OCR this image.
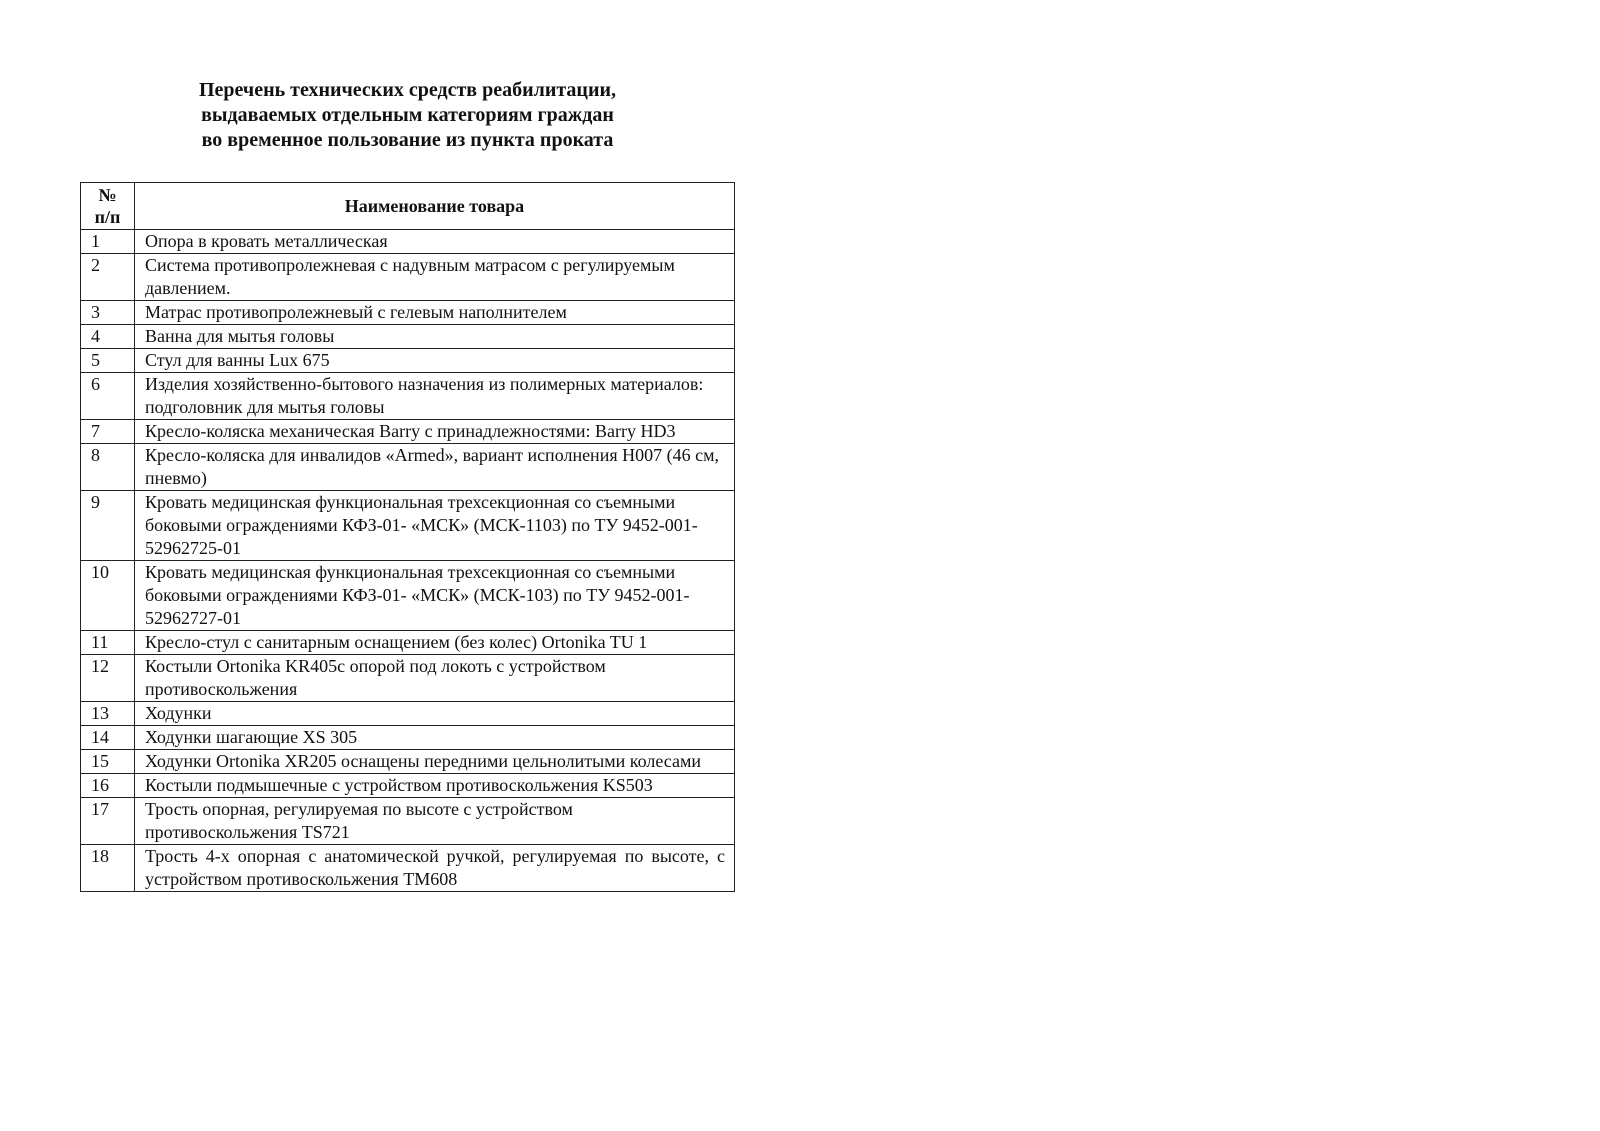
Перечень технических средств реабилитации,
выдаваемых отдельным категориям граждан
во временное пользование из пункта проката
№
п/п	Наименование товара
1	Опора в кровать металлическая
2	Система противопролежневая с надувным матрасом с регулируемым давлением.
3	Матрас противопролежневый с гелевым наполнителем
4	Ванна для мытья головы
5	Стул для ванны Lux 675
6	Изделия хозяйственно-бытового назначения из полимерных материалов: подголовник для мытья головы
7	Кресло-коляска механическая Barry с принадлежностями: Barry HD3
8	Кресло-коляска для инвалидов «Armed», вариант исполнения H007 (46 см, пневмо)
9	Кровать медицинская функциональная трехсекционная со съемными боковыми ограждениями КФЗ-01- «МСК» (МСК-1103) по ТУ 9452-001-52962725-01
10	Кровать медицинская функциональная трехсекционная со съемными боковыми ограждениями КФЗ-01- «МСК» (МСК-103) по ТУ 9452-001-52962727-01
11	Кресло-стул с санитарным оснащением (без колес) Ortonika TU 1
12	Костыли Ortonika KR405c опорой под локоть с устройством противоскольжения
13	Ходунки
14	Ходунки шагающие XS 305
15	Ходунки Ortonika XR205 оснащены передними цельнолитыми колесами
16	Костыли подмышечные с устройством противоскольжения KS503
17	Трость опорная, регулируемая по высоте с устройством противоскольжения TS721
18	Трость 4-х опорная с анатомической ручкой, регулируемая по высоте, с устройством противоскольжения TM608
